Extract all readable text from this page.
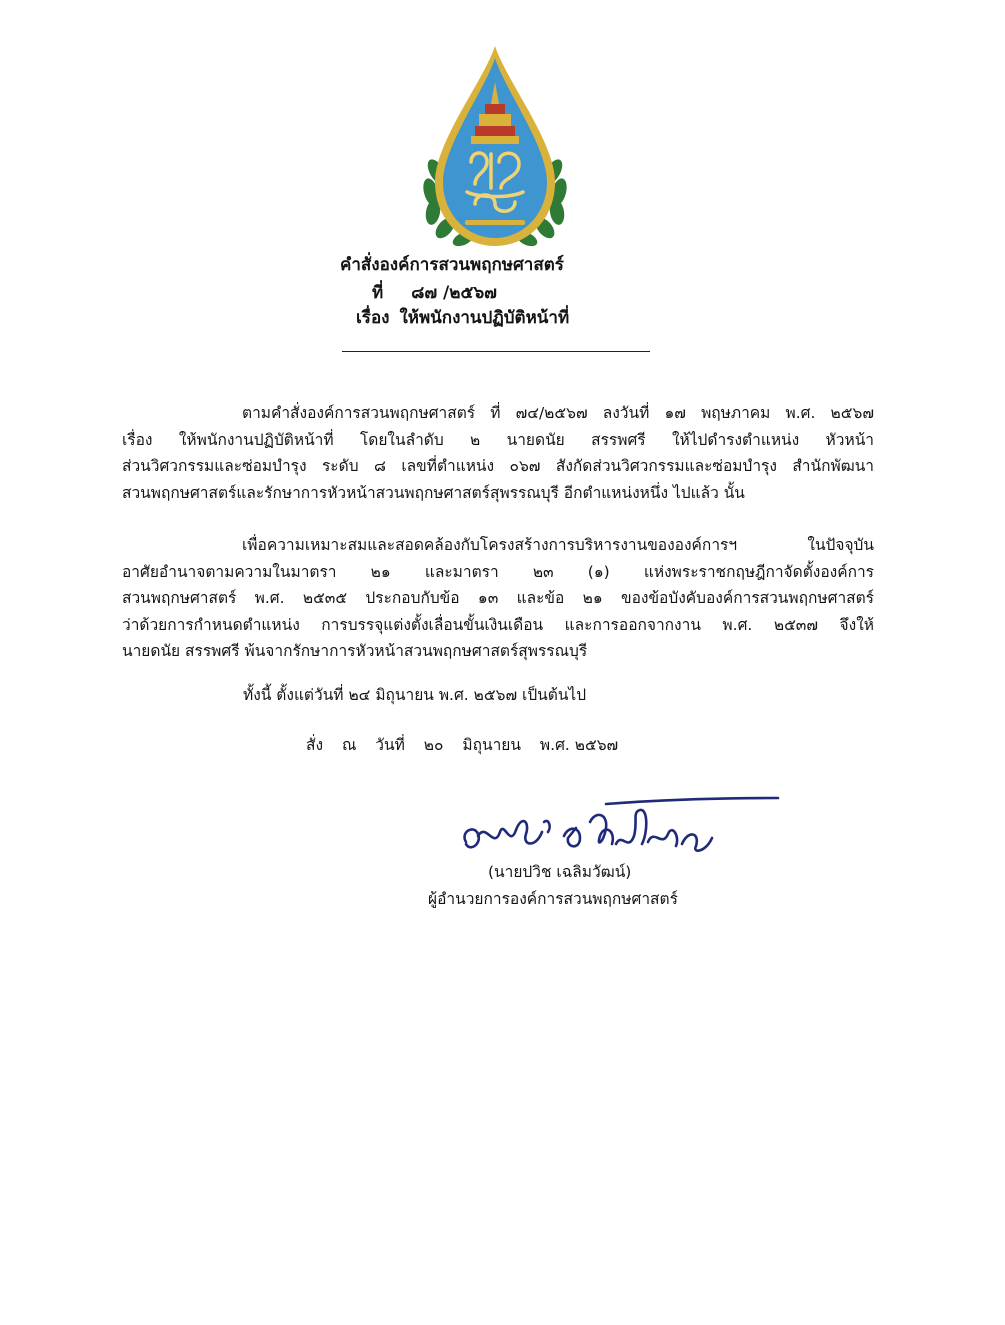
คำสั่งองค์การสวนพฤกษศาสตร์
ที่ ๘๗ /๒๕๖๗
เรื่อง ให้พนักงานปฏิบัติหน้าที่
ตามคำสั่งองค์การสวนพฤกษศาสตร์ ที่ ๗๔/๒๕๖๗ ลงวันที่ ๑๗ พฤษภาคม พ.ศ. ๒๕๖๗
เรื่อง ให้พนักงานปฏิบัติหน้าที่ โดยในลำดับ ๒ นายดนัย สรรพศรี ให้ไปดำรงตำแหน่ง หัวหน้า
ส่วนวิศวกรรมและซ่อมบำรุง ระดับ ๘ เลขที่ตำแหน่ง ๐๖๗ สังกัดส่วนวิศวกรรมและซ่อมบำรุง สำนักพัฒนา
สวนพฤกษศาสตร์และรักษาการหัวหน้าสวนพฤกษศาสตร์สุพรรณบุรี อีกตำแหน่งหนึ่ง ไปแล้ว นั้น
เพื่อความเหมาะสมและสอดคล้องกับโครงสร้างการบริหารงานขององค์การฯ ในปัจจุบัน
อาศัยอำนาจตามความในมาตรา ๒๑ และมาตรา ๒๓ (๑) แห่งพระราชกฤษฎีกาจัดตั้งองค์การ
สวนพฤกษศาสตร์ พ.ศ. ๒๕๓๕ ประกอบกับข้อ ๑๓ และข้อ ๒๑ ของข้อบังคับองค์การสวนพฤกษศาสตร์
ว่าด้วยการกำหนดตำแหน่ง การบรรจุแต่งตั้งเลื่อนขั้นเงินเดือน และการออกจากงาน พ.ศ. ๒๕๓๗ จึงให้
นายดนัย สรรพศรี พ้นจากรักษาการหัวหน้าสวนพฤกษศาสตร์สุพรรณบุรี
ทั้งนี้ ตั้งแต่วันที่ ๒๔ มิถุนายน พ.ศ. ๒๕๖๗ เป็นต้นไป
สั่ง ณ วันที่ ๒๐ มิถุนายน พ.ศ. ๒๕๖๗
(นายปวิช เฉลิมวัฒน์)
ผู้อำนวยการองค์การสวนพฤกษศาสตร์
